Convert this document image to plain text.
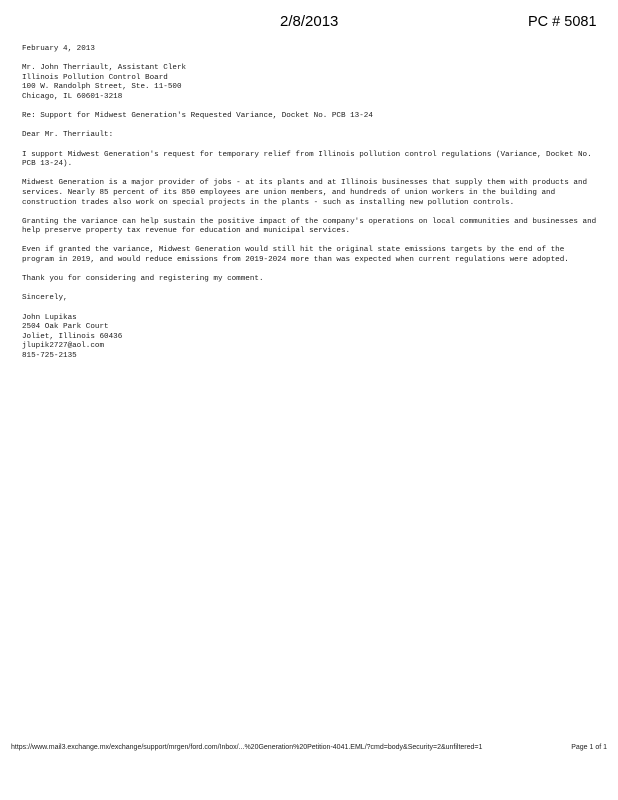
2/8/2013	PC # 5081
February 4, 2013
Mr. John Therriault, Assistant Clerk
Illinois Pollution Control Board
100 W. Randolph Street, Ste. 11-500
Chicago, IL 60601-3218

Re: Support for Midwest Generation's Requested Variance, Docket No. PCB 13-24

Dear Mr. Therriault:

I support Midwest Generation's request for temporary relief from Illinois pollution control regulations (Variance, Docket No. PCB 13-24).

Midwest Generation is a major provider of jobs - at its plants and at Illinois businesses that supply them with products and services. Nearly 85 percent of its 850 employees are union members, and hundreds of union workers in the building and construction trades also work on special projects in the plants - such as installing new pollution controls.

Granting the variance can help sustain the positive impact of the company's operations on local communities and businesses and help preserve property tax revenue for education and municipal services.

Even if granted the variance, Midwest Generation would still hit the original state emissions targets by the end of the program in 2019, and would reduce emissions from 2019-2024 more than was expected when current regulations were adopted.

Thank you for considering and registering my comment.

Sincerely,

John Lupikas
2504 Oak Park Court
Joliet, Illinois 60436
jlupik2727@aol.com
815-725-2135
https://www.mail3.exchange.mx/exchange/support/mrgen/ford.com/Inbox/...%20Generation%20Petition-4041.EML/?cmd=body&Security=2&unfiltered=1	Page 1 of 1
